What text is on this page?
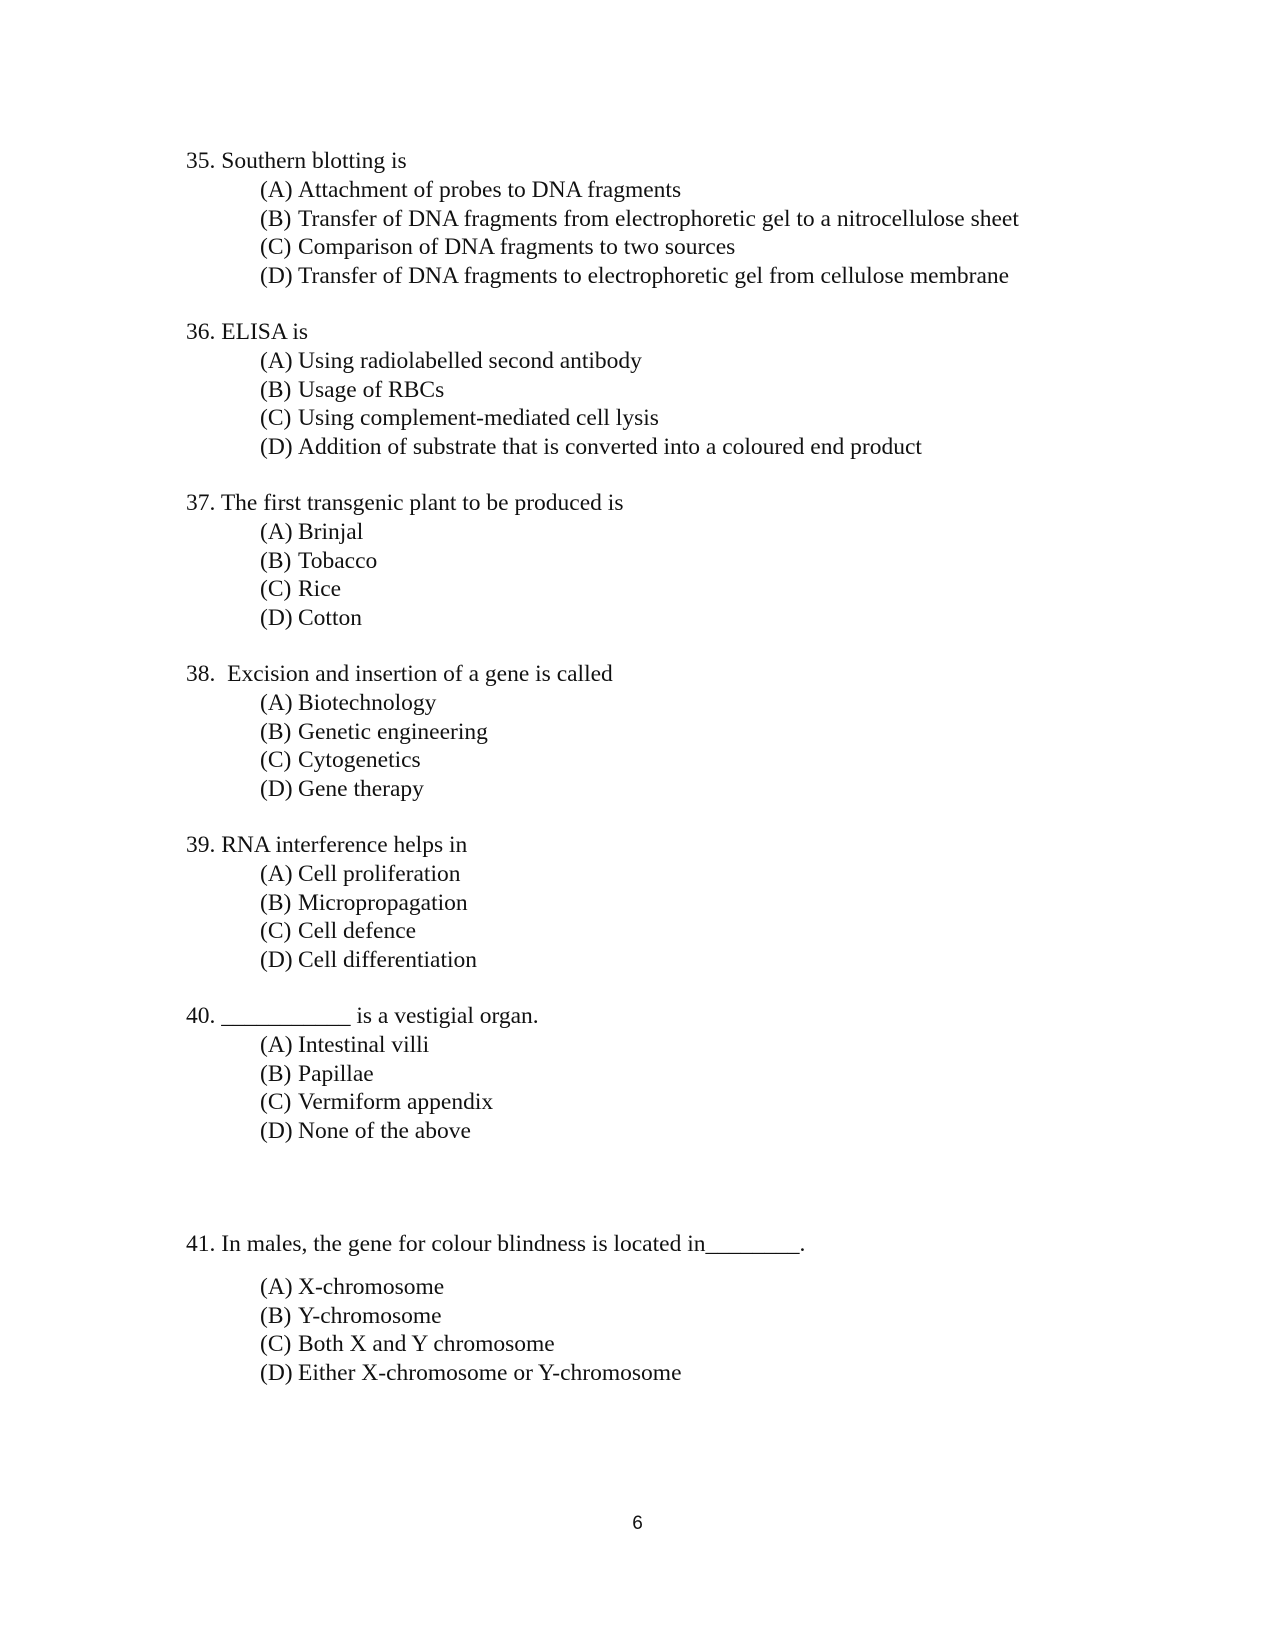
35. Southern blotting is
(A) Attachment of probes to DNA fragments
(B) Transfer of DNA fragments from electrophoretic gel to a nitrocellulose sheet
(C) Comparison of DNA fragments to two sources
(D) Transfer of DNA fragments to electrophoretic gel from cellulose membrane
36. ELISA is
(A) Using radiolabelled second antibody
(B) Usage of RBCs
(C) Using complement-mediated cell lysis
(D) Addition of substrate that is converted into a coloured end product
37. The first transgenic plant to be produced is
(A) Brinjal
(B) Tobacco
(C) Rice
(D) Cotton
38.  Excision and insertion of a gene is called
(A) Biotechnology
(B) Genetic engineering
(C) Cytogenetics
(D) Gene therapy
39. RNA interference helps in
(A) Cell proliferation
(B) Micropropagation
(C) Cell defence
(D) Cell differentiation
40. ___________ is a vestigial organ.
(A) Intestinal villi
(B) Papillae
(C) Vermiform appendix
(D) None of the above
41. In males, the gene for colour blindness is located in________.
(A) X-chromosome
(B) Y-chromosome
(C) Both X and Y chromosome
(D) Either X-chromosome or Y-chromosome
6
